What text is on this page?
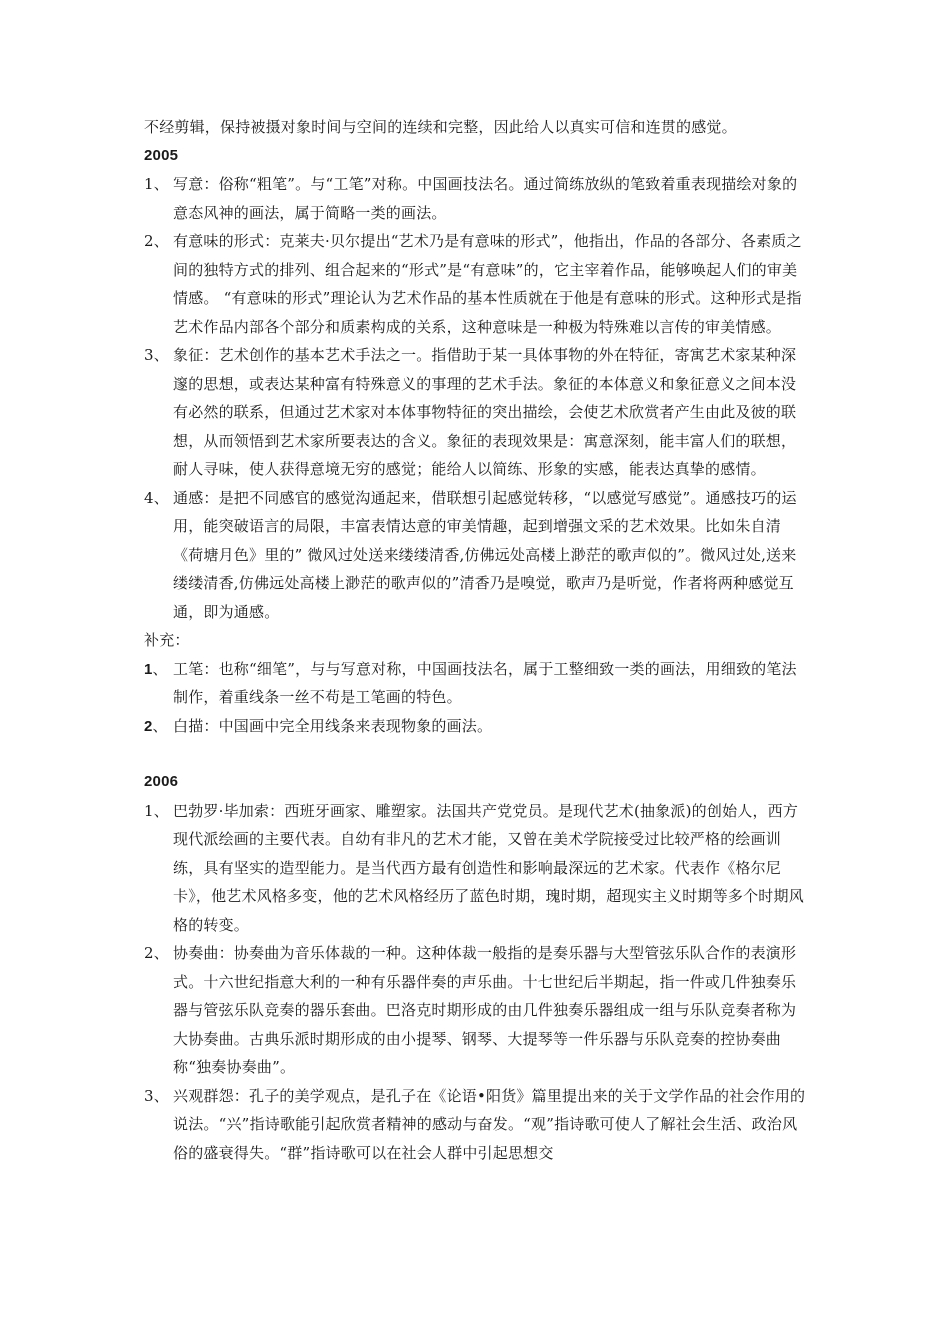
不经剪辑，保持被摄对象时间与空间的连续和完整，因此给人以真实可信和连贯的感觉。

2005

1、 写意：俗称“粗笔”。与“工笔”对称。中国画技法名。通过简练放纵的笔致着重表现描绘对象的意态风神的画法，属于简略一类的画法。
2、 有意味的形式：克莱夫·贝尔提出“艺术乃是有意味的形式”，他指出，作品的各部分、各素质之间的独特方式的排列、组合起来的“形式”是“有意味”的，它主宰着作品，能够唤起人们的审美情感。 “有意味的形式”理论认为艺术作品的基本性质就在于他是有意味的形式。这种形式是指艺术作品内部各个部分和质素构成的关系，这种意味是一种极为特殊难以言传的审美情感。
3、 象征：艺术创作的基本艺术手法之一。指借助于某一具体事物的外在特征，寄寓艺术家某种深邃的思想，或表达某种富有特殊意义的事理的艺术手法。象征的本体意义和象征意义之间本没有必然的联系，但通过艺术家对本体事物特征的突出描绘，会使艺术欣赏者产生由此及彼的联想，从而领悟到艺术家所要表达的含义。象征的表现效果是：寓意深刻，能丰富人们的联想，耐人寻味，使人获得意境无穷的感觉；能给人以简练、形象的实感，能表达真挚的感情。
4、 通感：是把不同感官的感觉沟通起来，借联想引起感觉转移，“以感觉写感觉”。通感技巧的运用，能突破语言的局限，丰富表情达意的审美情趣，起到增强文采的艺术效果。比如朱自清《荷塘月色》里的” 微风过处送来缕缕清香,仿佛远处高楼上渺茫的歌声似的”。微风过处,送来缕缕清香,仿佛远处高楼上渺茫的歌声似的”清香乃是嗅觉，歌声乃是听觉，作者将两种感觉互通，即为通感。

补充：

1、 工笔：也称“细笔”，与与写意对称，中国画技法名，属于工整细致一类的画法，用细致的笔法制作，着重线条一丝不苟是工笔画的特色。
2、 白描：中国画中完全用线条来表现物象的画法。

2006

1、 巴勃罗·毕加索：西班牙画家、雕塑家。法国共产党党员。是现代艺术(抽象派)的创始人，西方现代派绘画的主要代表。自幼有非凡的艺术才能，又曾在美术学院接受过比较严格的绘画训练，具有坚实的造型能力。是当代西方最有创造性和影响最深远的艺术家。代表作《格尔尼卡》，他艺术风格多变，他的艺术风格经历了蓝色时期，瑰时期，超现实主义时期等多个时期风格的转变。
2、 协奏曲：协奏曲为音乐体裁的一种。这种体裁一般指的是奏乐器与大型管弦乐队合作的表演形式。十六世纪指意大利的一种有乐器伴奏的声乐曲。十七世纪后半期起，指一件或几件独奏乐器与管弦乐队竞奏的器乐套曲。巴洛克时期形成的由几件独奏乐器组成一组与乐队竞奏者称为大协奏曲。古典乐派时期形成的由小提琴、钢琴、大提琴等一件乐器与乐队竞奏的控协奏曲称“独奏协奏曲”。
3、 兴观群怨：孔子的美学观点，是孔子在《论语•阳货》篇里提出来的关于文学作品的社会作用的说法。“兴”指诗歌能引起欣赏者精神的感动与奋发。“观”指诗歌可使人了解社会生活、政治风俗的盛衰得失。“群”指诗歌可以在社会人群中引起思想交
